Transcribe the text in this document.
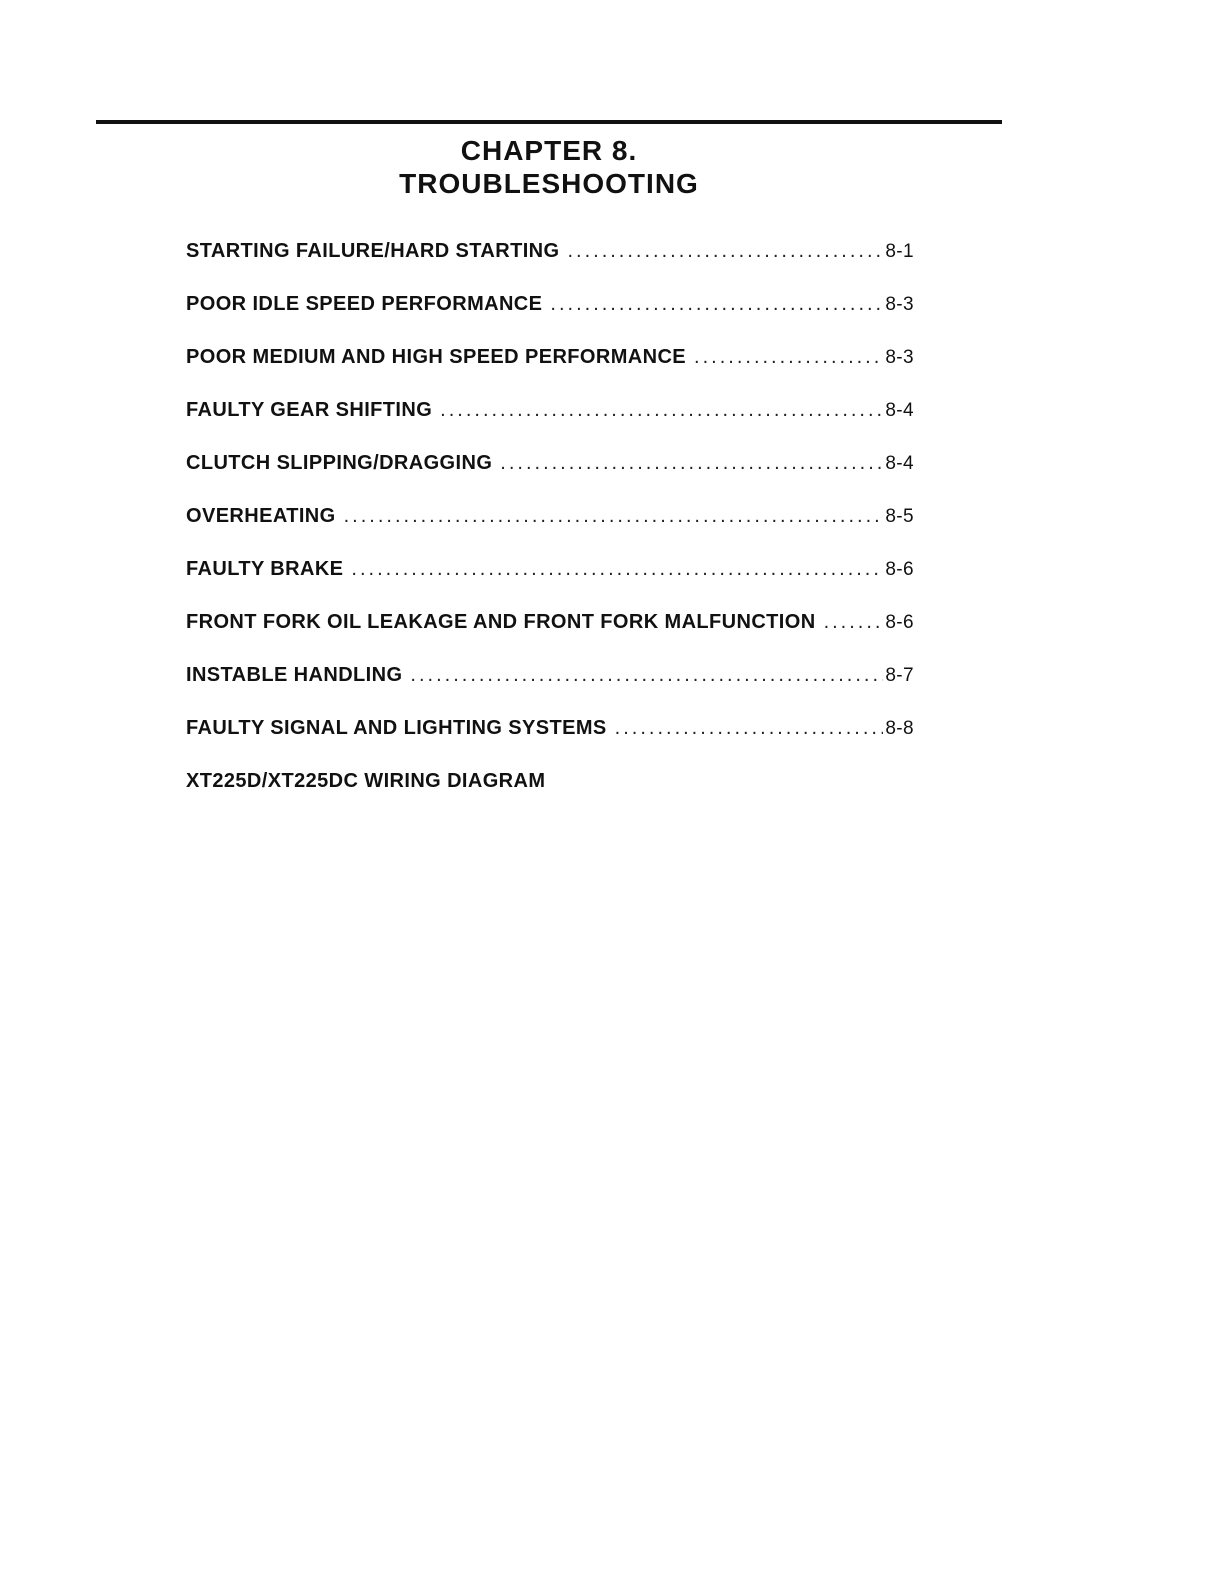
CHAPTER 8.
TROUBLESHOOTING
STARTING FAILURE/HARD STARTING .....	8-1
POOR IDLE SPEED PERFORMANCE .....	8-3
POOR MEDIUM AND HIGH SPEED PERFORMANCE .....	8-3
FAULTY GEAR SHIFTING .....	8-4
CLUTCH SLIPPING/DRAGGING .....	8-4
OVERHEATING .....	8-5
FAULTY BRAKE .....	8-6
FRONT FORK OIL LEAKAGE AND FRONT FORK MALFUNCTION .....	8-6
INSTABLE HANDLING .....	8-7
FAULTY SIGNAL AND LIGHTING SYSTEMS .....	8-8
XT225D/XT225DC WIRING DIAGRAM
